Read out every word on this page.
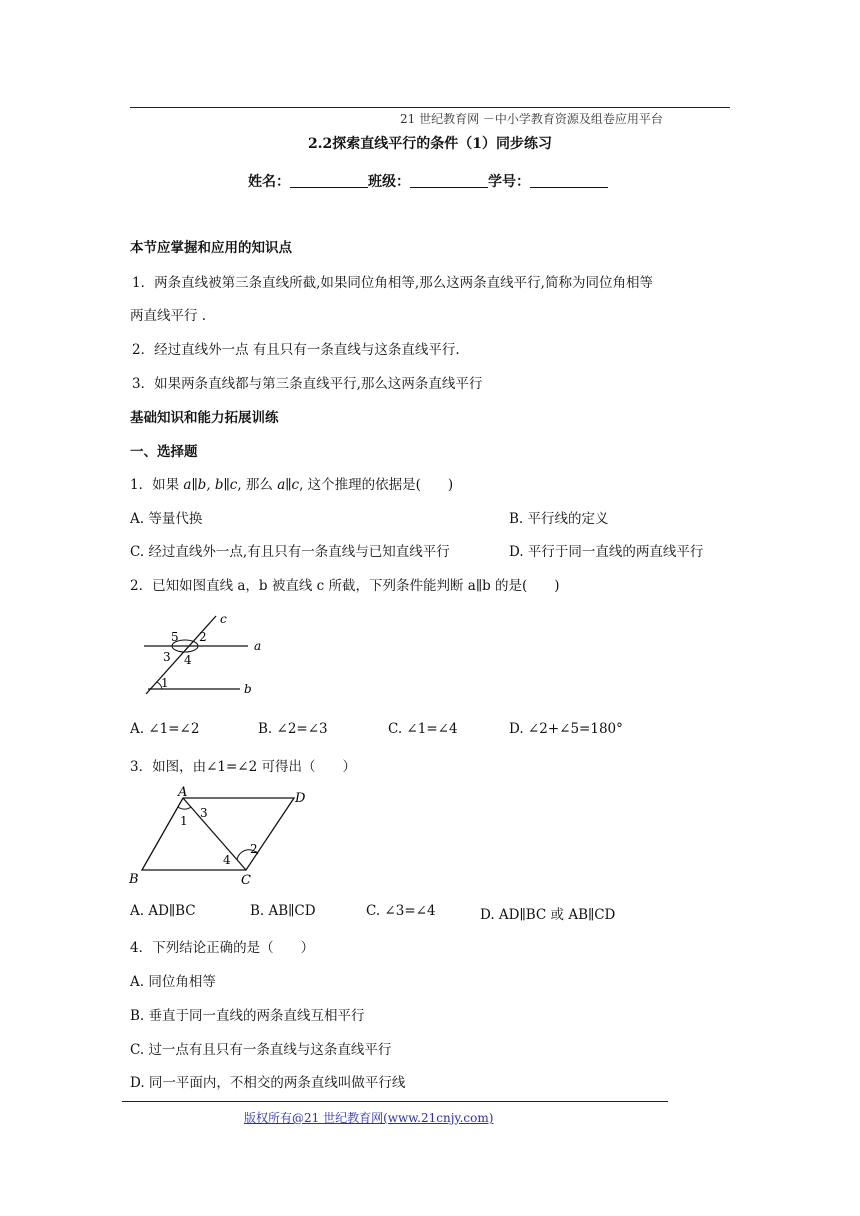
21 世纪教育网 －中小学教育资源及组卷应用平台
2.2探索直线平行的条件（1）同步练习
姓名：	班级：	学号：
本节应掌握和应用的知识点
1．两条直线被第三条直线所截,如果同位角相等,那么这两条直线平行,简称为同位角相等
两直线平行 .
2．经过直线外一点 有且只有一条直线与这条直线平行.
3．如果两条直线都与第三条直线平行,那么这两条直线平行
基础知识和能力拓展训练
一、选择题
1．如果 a∥b, b∥c, 那么 a∥c, 这个推理的依据是(　　)
A. 等量代换	B. 平行线的定义
C. 经过直线外一点,有且只有一条直线与已知直线平行	D. 平行于同一直线的两直线平行
2．已知如图直线 a，b 被直线 c 所截，下列条件能判断 a∥b 的是(　　)
c
a
b
5 2
3 4
1
A. ∠1=∠2	B. ∠2=∠3	C. ∠1=∠4	D. ∠2+∠5=180°
3．如图，由∠1=∠2 可得出（　　）
A	D
B	C
1
3
4
2
A. AD∥BC	B. AB∥CD	C. ∠3=∠4	D. AD∥BC 或 AB∥CD
4．下列结论正确的是（　　）
A. 同位角相等
B. 垂直于同一直线的两条直线互相平行
C. 过一点有且只有一条直线与这条直线平行
D. 同一平面内，不相交的两条直线叫做平行线
版权所有@21 世纪教育网(www.21cnjy.com)
